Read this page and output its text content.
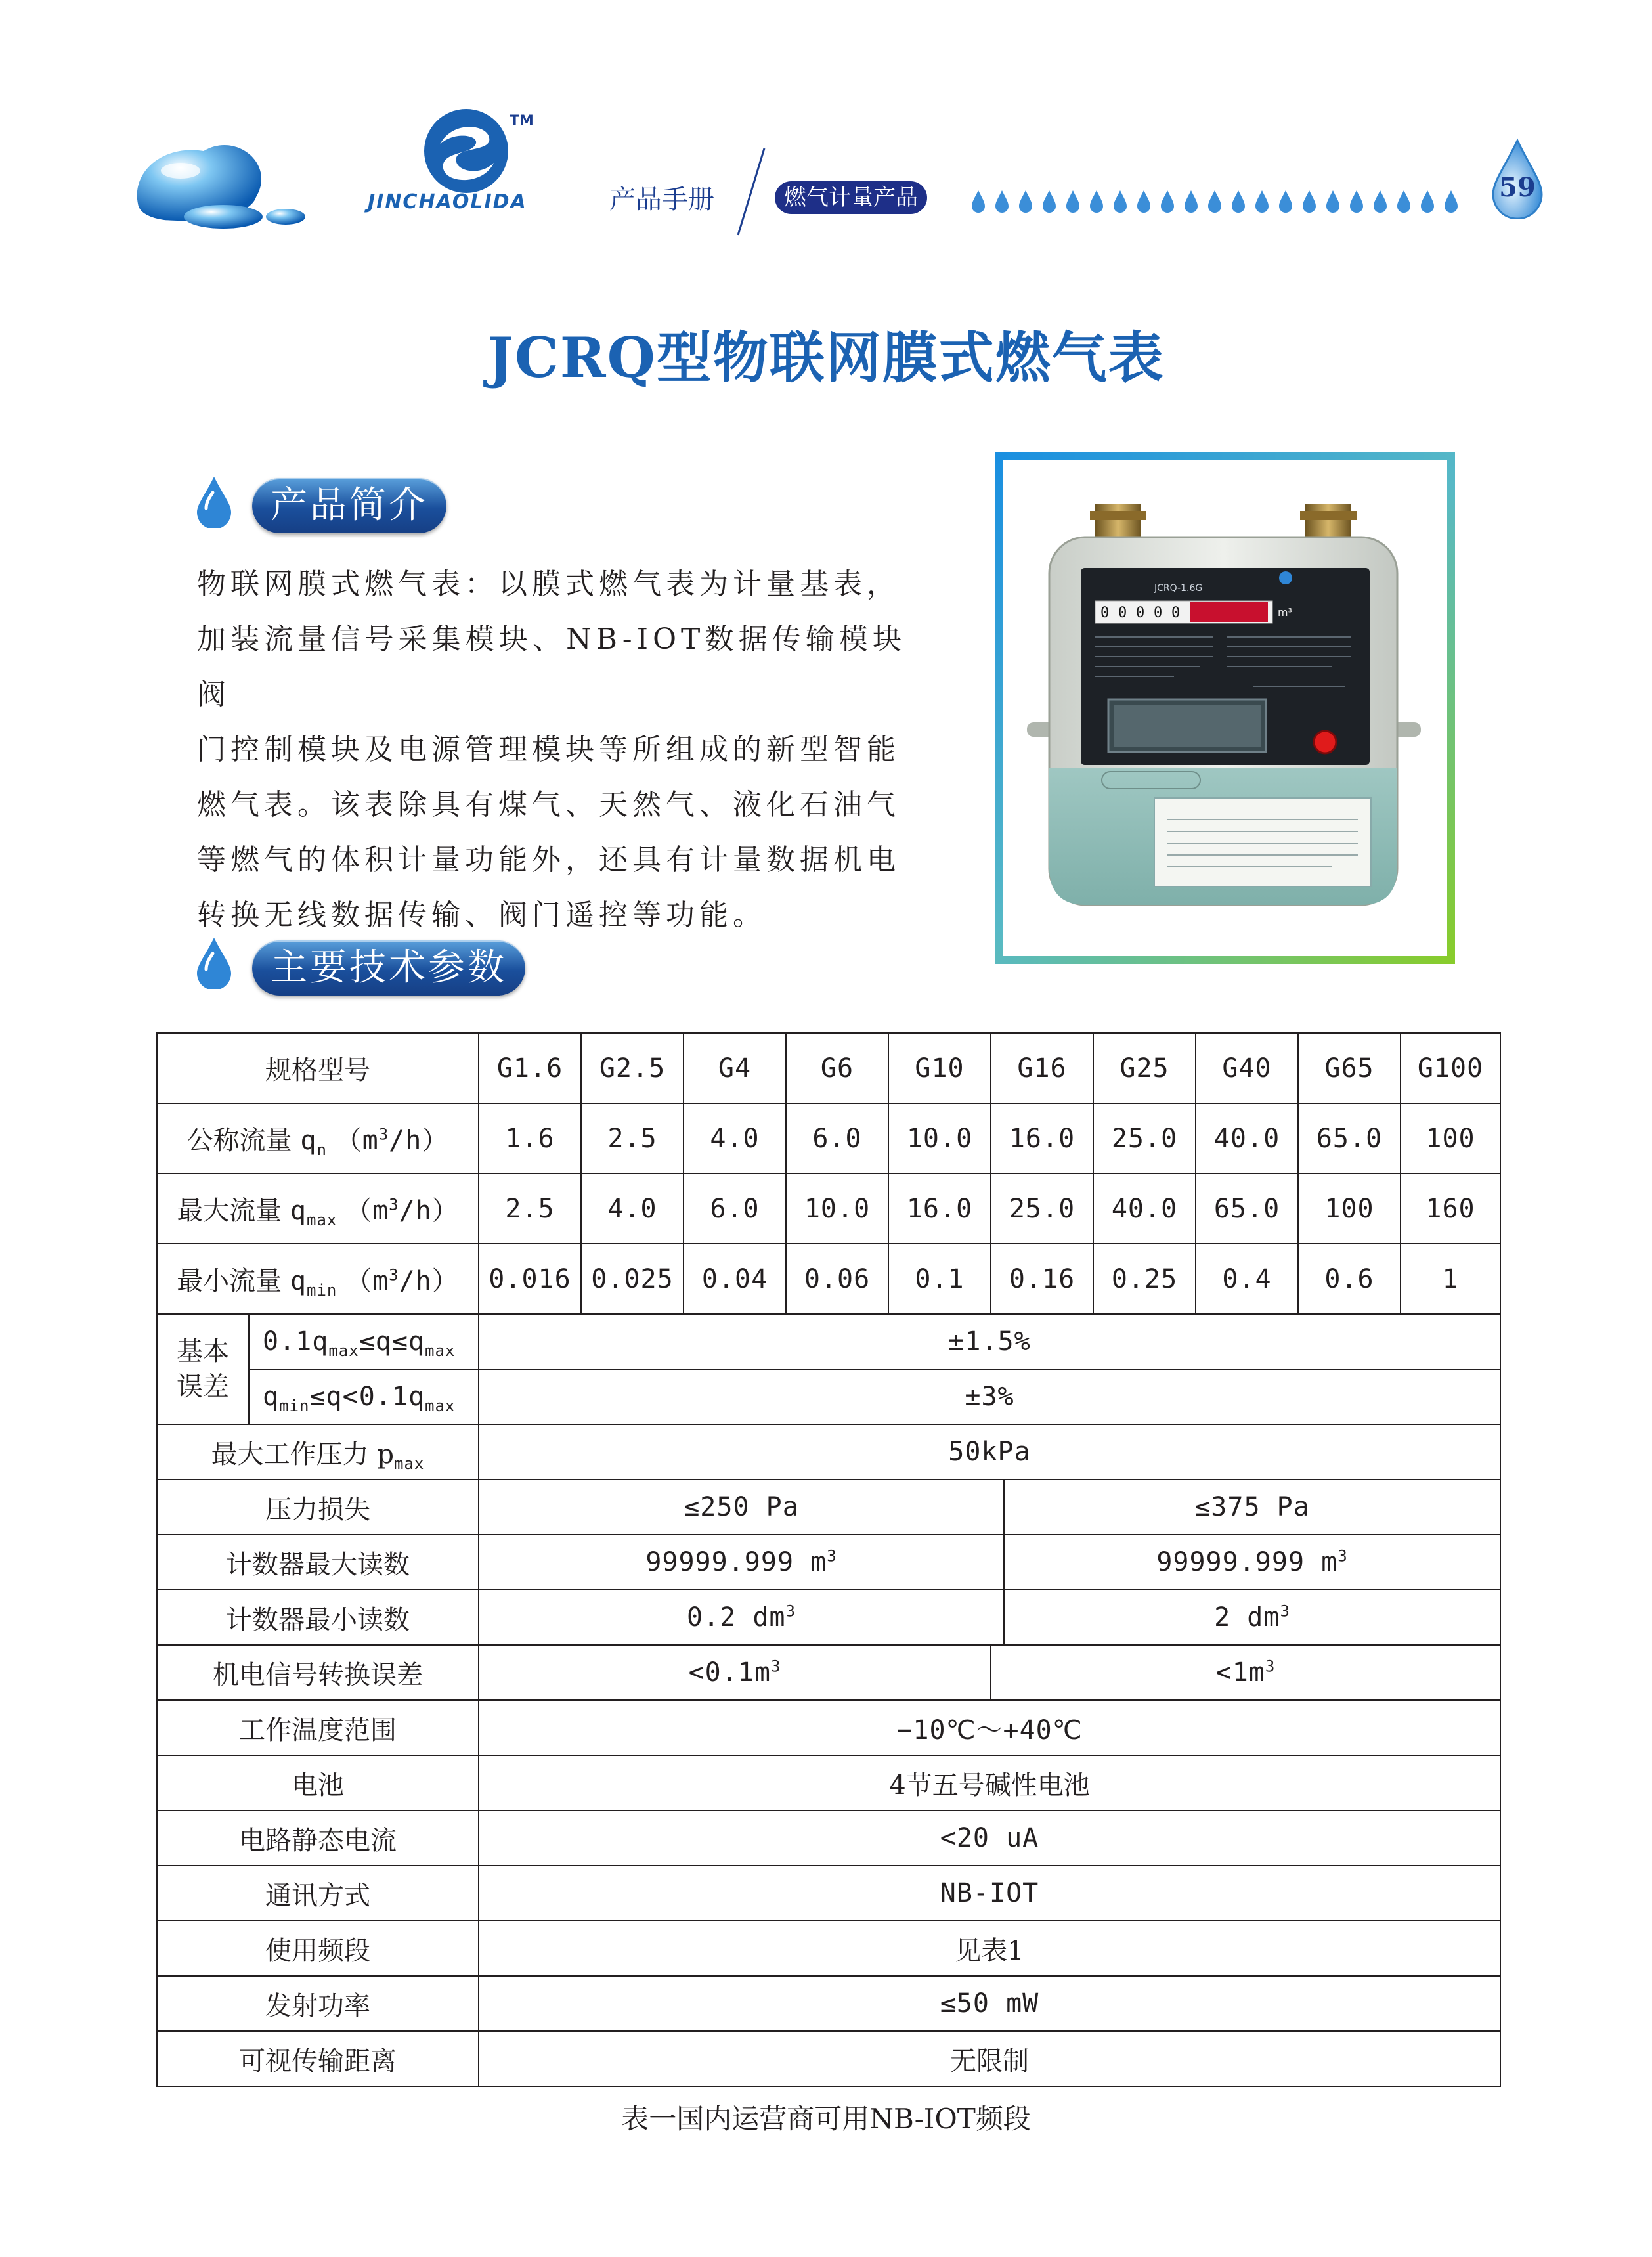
TM
JINCHAOLIDA	产品手册	燃气计量产品	59
JCRQ型物联网膜式燃气表
产品简介
物联网膜式燃气表：以膜式燃气表为计量基表，
加装流量信号采集模块、NB-IOT数据传输模块阀
门控制模块及电源管理模块等所组成的新型智能
燃气表。该表除具有煤气、天然气、液化石油气
等燃气的体积计量功能外，还具有计量数据机电
转换无线数据传输、阀门遥控等功能。
JCRQ-1.6G
0 0 0 0 0	m³
主要技术参数
规格型号		G1.6	G2.5	G4	G6	G10	G16		G25	G40	G65	G100
公称流量 $q_n$ $(m^3/h)$		1.6	2.5	4.0	6.0	10.0	16.0		25.0	40.0	65.0	100
最大流量 $q_{max}$ $(m^3/h)$		2.5	4.0	6.0	10.0	16.0	25.0		40.0	65.0	100	160
最小流量 $q_{min}$ $(m^3/h)$		0.016	0.025	0.04	0.06	0.1	0.16		0.25	0.4	0.6	1
基本误差	$0.1q_{max}\le q\le q_{max}$	±1.5%										
	$q_{min}\le q<0.1q_{max}$	±3%										
最大工作压力 $p_{max}$		50kPa										
压力损失		≤250 Pa						≤375 Pa				
计数器最大读数		99999.999 $m^3$						99999.999 $m^3$
计数器最小读数		0.2 $dm^3$						2 $dm^3$
机电信号转换误差		$<0.1m^3$					$<1m^3$
工作温度范围		−10℃～+40℃										
电池		4节五号碱性电池										
电路静态电流		<20 uA										
通讯方式		NB-IOT										
使用频段		见表1										
发射功率		≤50 mW										
可视传输距离		无限制										
表一国内运营商可用NB-IOT频段
